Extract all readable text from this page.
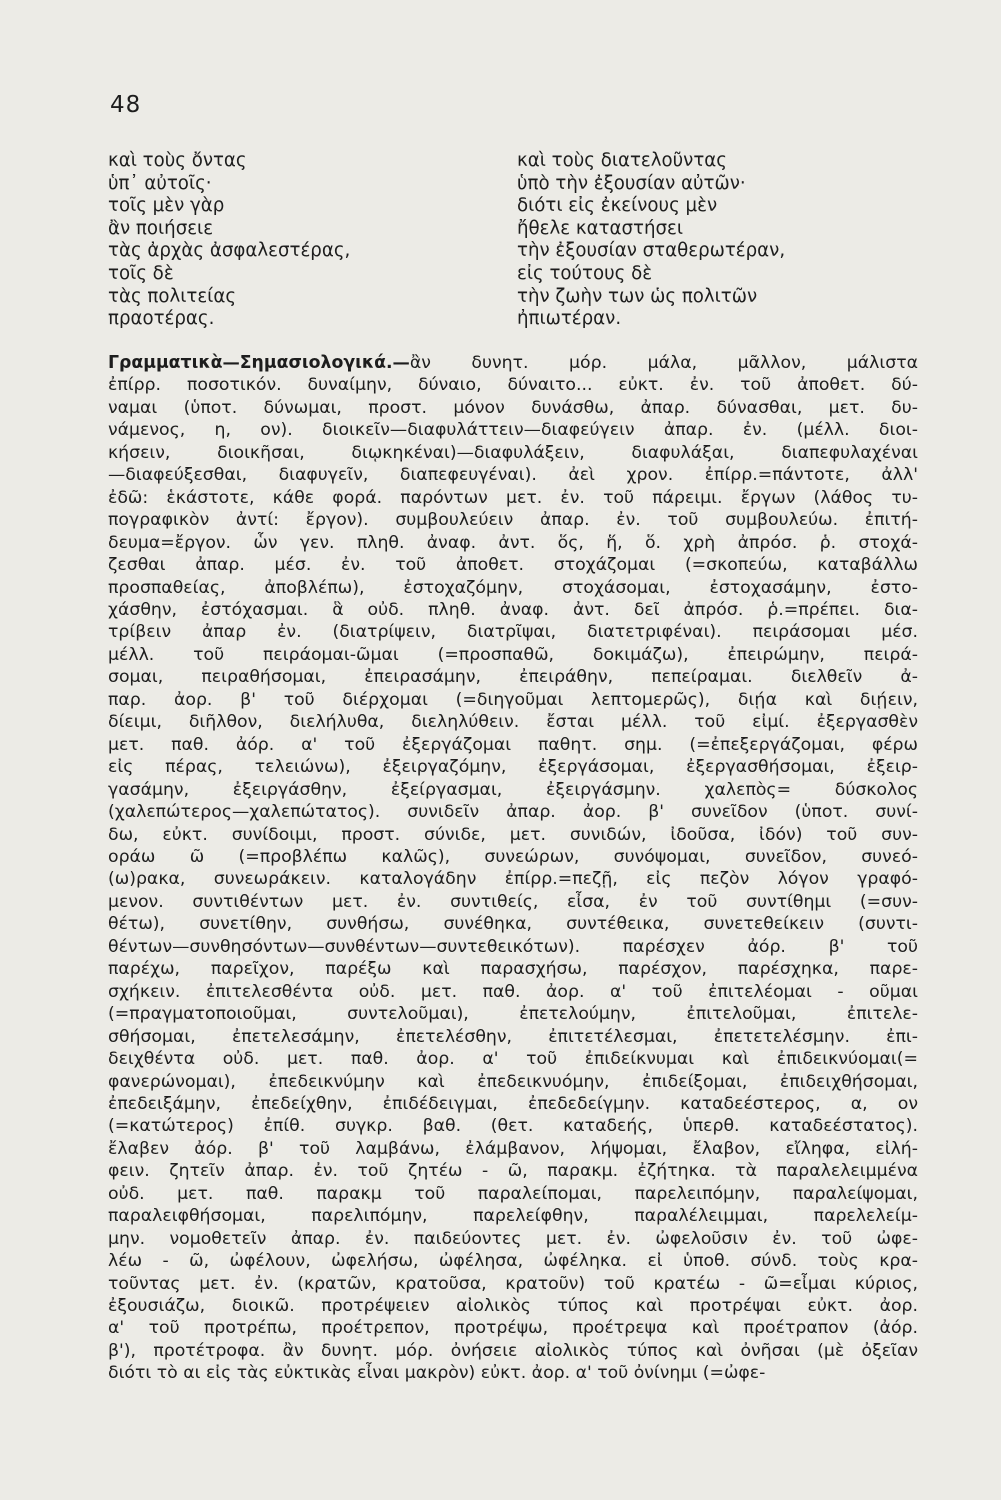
48
καὶ τοὺς ὄντας	καὶ τοὺς διατελοῦντας
ὑπ᾽ αὐτοῖς·	ὑπὸ τὴν ἐξουσίαν αὐτῶν·
τοῖς μὲν γὰρ	διότι εἰς ἐκείνους μὲν
ἂν ποιήσειε	ἤθελε καταστήσει
τὰς ἀρχὰς ἀσφαλεστέρας,	τὴν ἐξουσίαν σταθερωτέραν,
τοῖς δὲ	εἰς τούτους δὲ
τὰς πολιτείας	τὴν ζωὴν των ὡς πολιτῶν
πραοτέρας.	ἠπιωτέραν.
Γραμματικὰ—Σημασιολογικά.—ἂν δυνητ. μόρ. μάλα, μᾶλλον, μάλιστα
ἐπίρρ. ποσοτικόν. δυναίμην, δύναιο, δύναιτο... εὐκτ. ἐν. τοῦ ἀποθετ. δύ-
ναμαι (ὑποτ. δύνωμαι, προστ. μόνον δυνάσθω, ἀπαρ. δύνασθαι, μετ. δυ-
νάμενος, η, ον). διοικεῖν—διαφυλάττειν—διαφεύγειν ἀπαρ. ἐν. (μέλλ. διοι-
κήσειν, διοικῆσαι, διῳκηκέναι)—διαφυλάξειν, διαφυλάξαι, διαπεφυλαχέναι
—διαφεύξεσθαι, διαφυγεῖν, διαπεφευγέναι). ἀεὶ χρον. ἐπίρρ.=πάντοτε, ἀλλ'
ἐδῶ: ἑκάστοτε, κάθε φορά. παρόντων μετ. ἐν. τοῦ πάρειμι. ἔργων (λάθος τυ-
πογραφικὸν ἀντί: ἔργον). συμβουλεύειν ἀπαρ. ἐν. τοῦ συμβουλεύω. ἐπιτή-
δευμα=ἔργον. ὧν γεν. πληθ. ἀναφ. ἀντ. ὅς, ἥ, ὅ. χρὴ ἀπρόσ. ῥ. στοχά-
ζεσθαι ἀπαρ. μέσ. ἐν. τοῦ ἀποθετ. στοχάζομαι (=σκοπεύω, καταβάλλω
προσπαθείας, ἀποβλέπω), ἐστοχαζόμην, στοχάσομαι, ἐστοχασάμην, ἐστο-
χάσθην, ἐστόχασμαι. ἃ οὐδ. πληθ. ἀναφ. ἀντ. δεῖ ἀπρόσ. ῥ.=πρέπει. δια-
τρίβειν ἀπαρ ἐν. (διατρίψειν, διατρῖψαι, διατετριφέναι). πειράσομαι μέσ.
μέλλ. τοῦ πειράομαι-ῶμαι (=προσπαθῶ, δοκιμάζω), ἐπειρώμην, πειρά-
σομαι, πειραθήσομαι, ἐπειρασάμην, ἐπειράθην, πεπείραμαι. διελθεῖν ἀ-
παρ. ἀορ. β' τοῦ διέρχομαι (=διηγοῦμαι λεπτομερῶς), διῄα καὶ διῄειν,
δίειμι, διῆλθον, διελήλυθα, διεληλύθειν. ἔσται μέλλ. τοῦ εἰμί. ἐξεργασθὲν
μετ. παθ. ἀόρ. α' τοῦ ἐξεργάζομαι παθητ. σημ. (=ἐπεξεργάζομαι, φέρω
εἰς πέρας, τελειώνω), ἐξειργαζόμην, ἐξεργάσομαι, ἐξεργασθήσομαι, ἐξειρ-
γασάμην, ἐξειργάσθην, ἐξείργασμαι, ἐξειργάσμην. χαλεπὸς= δύσκολος
(χαλεπώτερος—χαλεπώτατος). συνιδεῖν ἀπαρ. ἀορ. β' συνεῖδον (ὑποτ. συνί-
δω, εὐκτ. συνίδοιμι, προστ. σύνιδε, μετ. συνιδών, ἰδοῦσα, ἰδόν) τοῦ συν-
οράω ῶ (=προβλέπω καλῶς), συνεώρων, συνόψομαι, συνεῖδον, συνεό-
(ω)ρακα, συνεωράκειν. καταλογάδην ἐπίρρ.=πεζῇ, εἰς πεζὸν λόγον γραφό-
μενον. συντιθέντων μετ. ἐν. συντιθείς, εἶσα, ἐν τοῦ συντίθημι (=συν-
θέτω), συνετίθην, συνθήσω, συνέθηκα, συντέθεικα, συνετεθείκειν (συντι-
θέντων—συνθησόντων—συνθέντων—συντεθεικότων). παρέσχεν ἀόρ. β' τοῦ
παρέχω, παρεῖχον, παρέξω καὶ παρασχήσω, παρέσχον, παρέσχηκα, παρε-
σχήκειν. ἐπιτελεσθέντα οὐδ. μετ. παθ. ἀορ. α' τοῦ ἐπιτελέομαι - οῦμαι
(=πραγματοποιοῦμαι, συντελοῦμαι), ἐπετελούμην, ἐπιτελοῦμαι, ἐπιτελε-
σθήσομαι, ἐπετελεσάμην, ἐπετελέσθην, ἐπιτετέλεσμαι, ἐπετετελέσμην. ἐπι-
δειχθέντα οὐδ. μετ. παθ. ἀορ. α' τοῦ ἐπιδείκνυμαι καὶ ἐπιδεικνύομαι(=
φανερώνομαι), ἐπεδεικνύμην καὶ ἐπεδεικνυόμην, ἐπιδείξομαι, ἐπιδειχθήσομαι,
ἐπεδειξάμην, ἐπεδείχθην, ἐπιδέδειγμαι, ἐπεδεδείγμην. καταδεέστερος, α, ον
(=κατώτερος) ἐπίθ. συγκρ. βαθ. (θετ. καταδεής, ὑπερθ. καταδεέστατος).
ἔλαβεν ἀόρ. β' τοῦ λαμβάνω, ἐλάμβανον, λήψομαι, ἔλαβον, εἴληφα, εἰλή-
φειν. ζητεῖν ἀπαρ. ἐν. τοῦ ζητέω - ῶ, παρακμ. ἐζήτηκα. τὰ παραλελειμμένα
οὐδ. μετ. παθ. παρακμ τοῦ παραλείπομαι, παρελειπόμην, παραλείψομαι,
παραλειφθήσομαι, παρελιπόμην, παρελείφθην, παραλέλειμμαι, παρελελείμ-
μην. νομοθετεῖν ἀπαρ. ἐν. παιδεύοντες μετ. ἐν. ὠφελοῦσιν ἐν. τοῦ ὠφε-
λέω - ῶ, ὠφέλουν, ὠφελήσω, ὠφέλησα, ὠφέληκα. εἰ ὑποθ. σύνδ. τοὺς κρα-
τοῦντας μετ. ἐν. (κρατῶν, κρατοῦσα, κρατοῦν) τοῦ κρατέω - ῶ=εἶμαι κύριος,
ἐξουσιάζω, διοικῶ. προτρέψειεν αἰολικὸς τύπος καὶ προτρέψαι εὐκτ. ἀορ.
α' τοῦ προτρέπω, προέτρεπον, προτρέψω, προέτρεψα καὶ προέτραπον (ἀόρ.
β'), προτέτροφα. ἂν δυνητ. μόρ. ὀνήσειε αἰολικὸς τύπος καὶ ὀνῆσαι (μὲ ὀξεῖαν
διότι τὸ αι εἰς τὰς εὐκτικὰς εἶναι μακρὸν) εὐκτ. ἀορ. α' τοῦ ὀνίνημι (=ὠφε-
